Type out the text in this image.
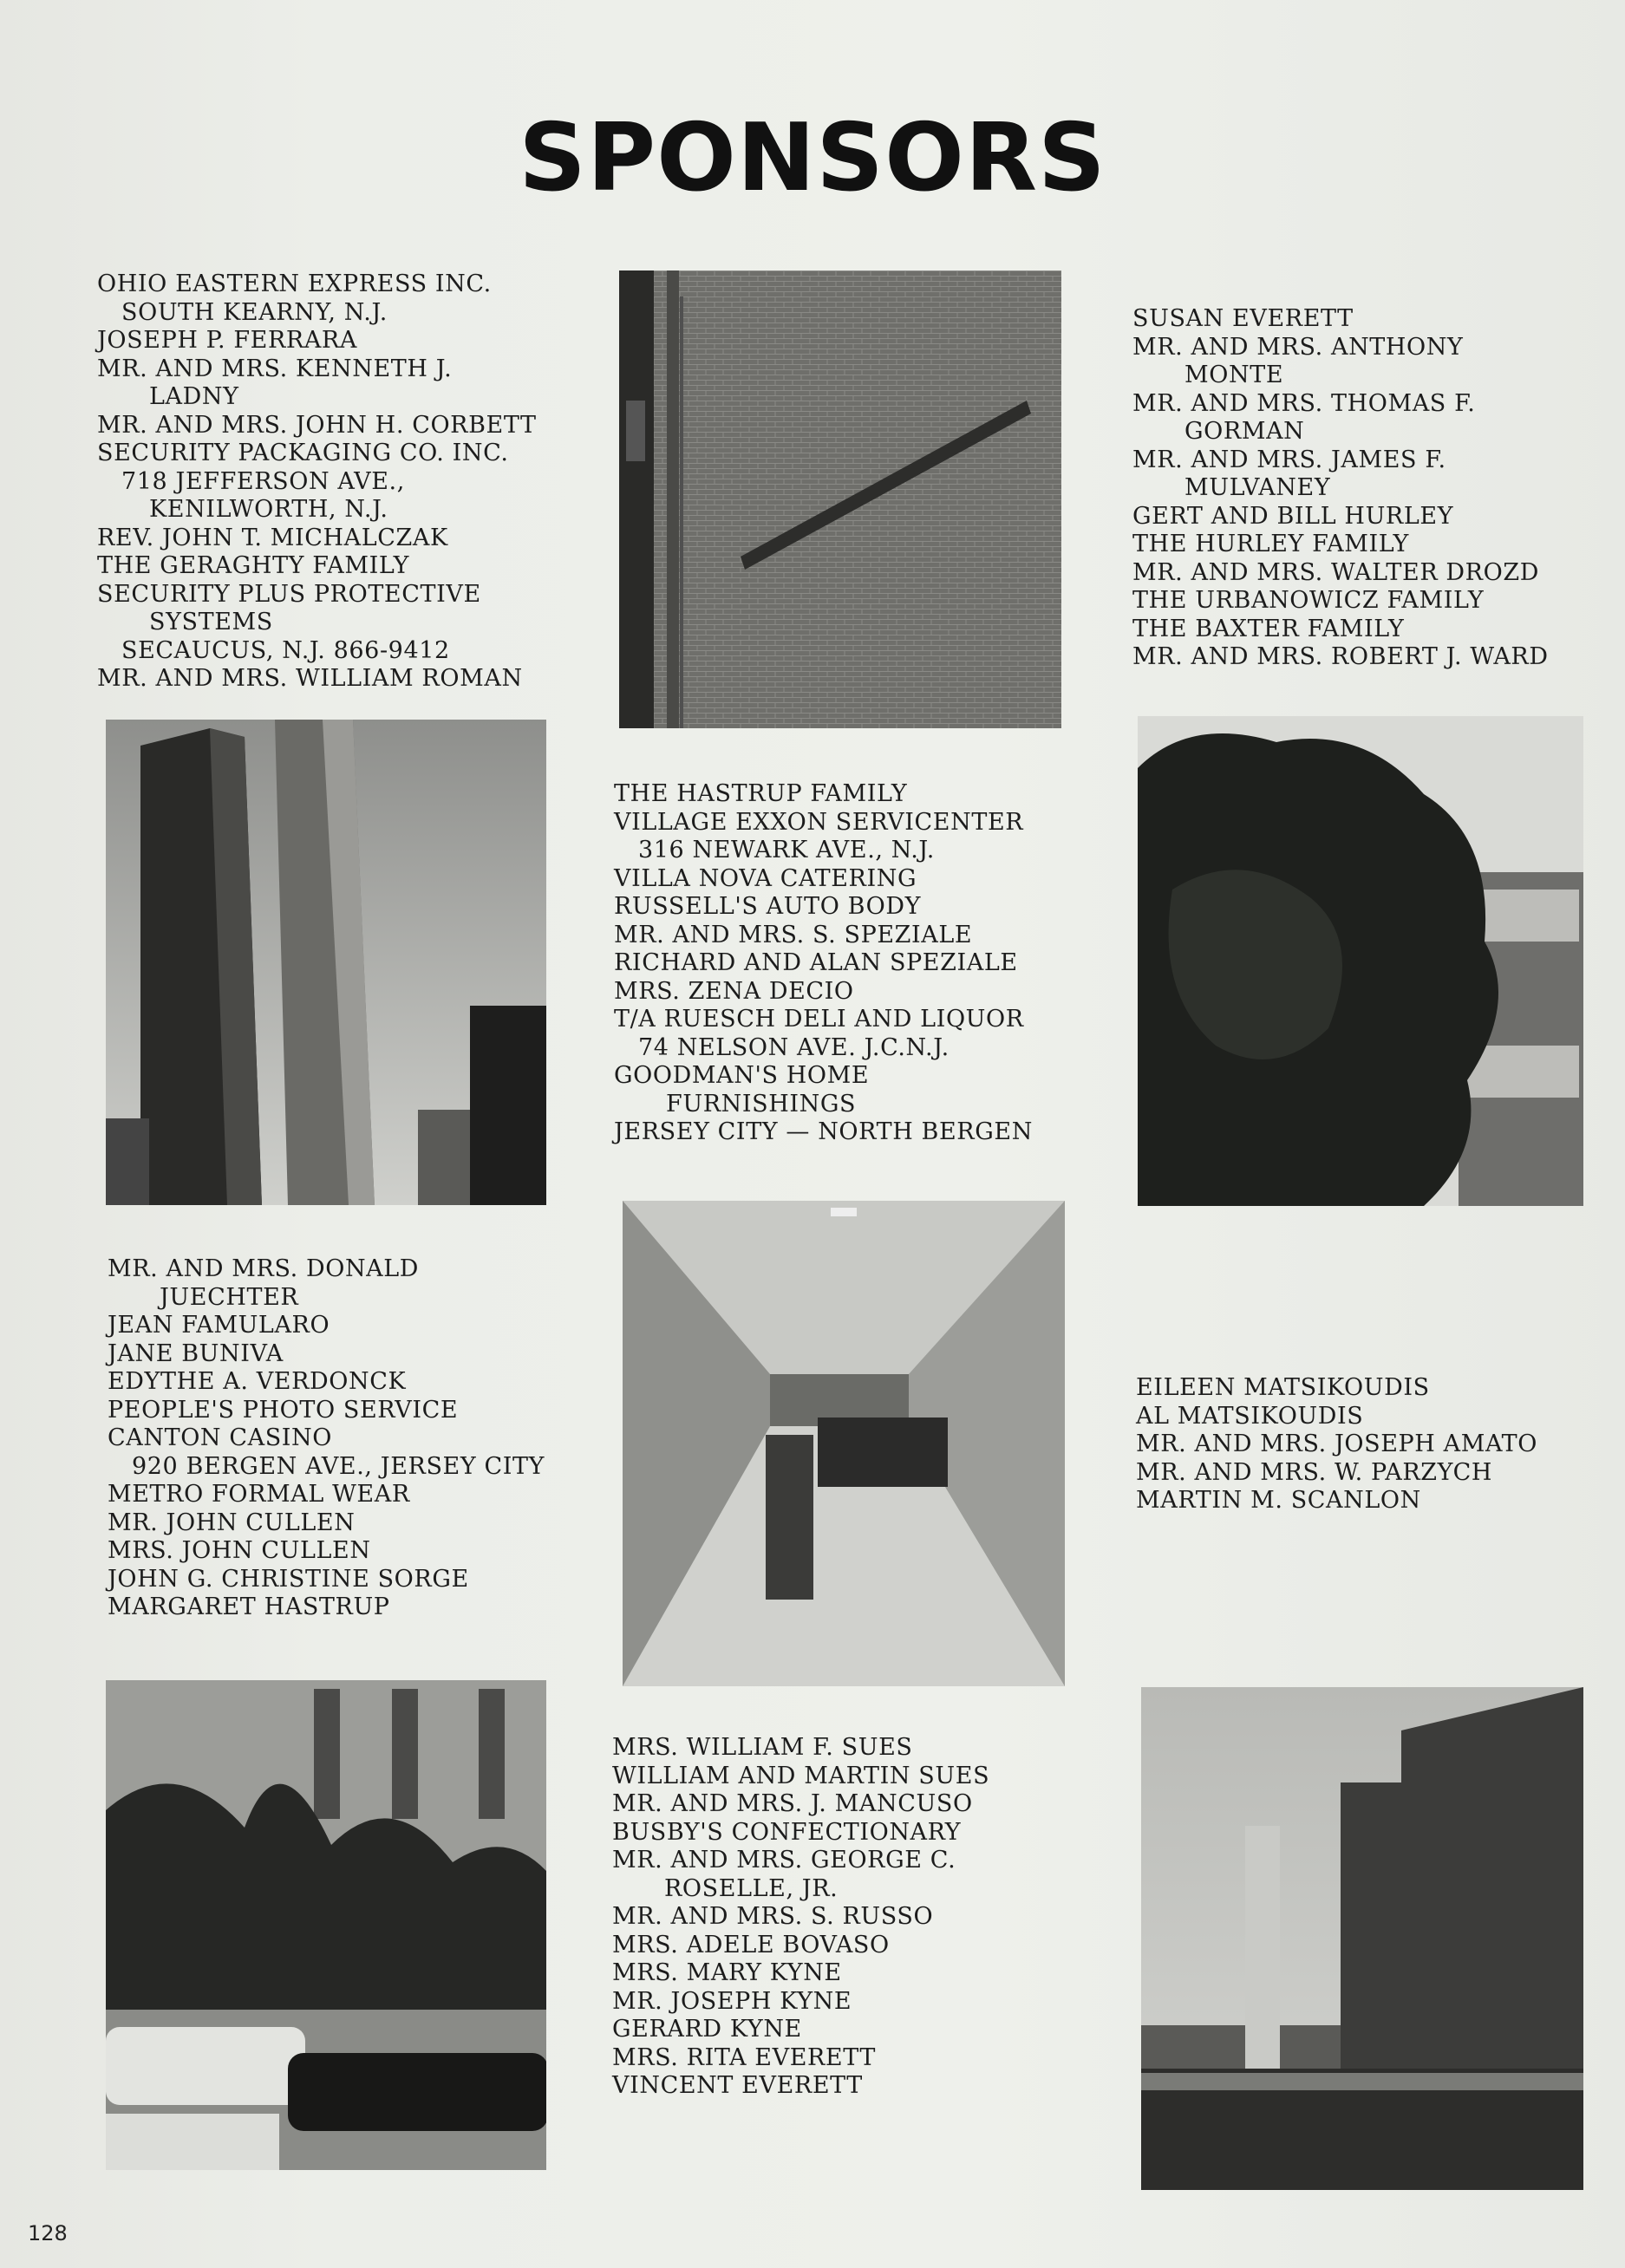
SPONSORS
OHIO EASTERN EXPRESS INC.
SOUTH KEARNY, N.J.
JOSEPH P. FERRARA
MR. AND MRS. KENNETH J.
LADNY
MR. AND MRS. JOHN H. CORBETT
SECURITY PACKAGING CO. INC.
718 JEFFERSON AVE.,
KENILWORTH, N.J.
REV. JOHN T. MICHALCZAK
THE GERAGHTY FAMILY
SECURITY PLUS PROTECTIVE
SYSTEMS
SECAUCUS, N.J. 866-9412
MR. AND MRS. WILLIAM ROMAN
SUSAN EVERETT
MR. AND MRS. ANTHONY
MONTE
MR. AND MRS. THOMAS F.
GORMAN
MR. AND MRS. JAMES F.
MULVANEY
GERT AND BILL HURLEY
THE HURLEY FAMILY
MR. AND MRS. WALTER DROZD
THE URBANOWICZ FAMILY
THE BAXTER FAMILY
MR. AND MRS. ROBERT J. WARD
THE HASTRUP FAMILY
VILLAGE EXXON SERVICENTER
316 NEWARK AVE., N.J.
VILLA NOVA CATERING
RUSSELL'S AUTO BODY
MR. AND MRS. S. SPEZIALE
RICHARD AND ALAN SPEZIALE
MRS. ZENA DECIO
T/A RUESCH DELI AND LIQUOR
74 NELSON AVE. J.C.N.J.
GOODMAN'S HOME
FURNISHINGS
JERSEY CITY — NORTH BERGEN
MR. AND MRS. DONALD
JUECHTER
JEAN FAMULARO
JANE BUNIVA
EDYTHE A. VERDONCK
PEOPLE'S PHOTO SERVICE
CANTON CASINO
920 BERGEN AVE., JERSEY CITY
METRO FORMAL WEAR
MR. JOHN CULLEN
MRS. JOHN CULLEN
JOHN G. CHRISTINE SORGE
MARGARET HASTRUP
EILEEN MATSIKOUDIS
AL MATSIKOUDIS
MR. AND MRS. JOSEPH AMATO
MR. AND MRS. W. PARZYCH
MARTIN M. SCANLON
MRS. WILLIAM F. SUES
WILLIAM AND MARTIN SUES
MR. AND MRS. J. MANCUSO
BUSBY'S CONFECTIONARY
MR. AND MRS. GEORGE C.
ROSELLE, JR.
MR. AND MRS. S. RUSSO
MRS. ADELE BOVASO
MRS. MARY KYNE
MR. JOSEPH KYNE
GERARD KYNE
MRS. RITA EVERETT
VINCENT EVERETT
128
